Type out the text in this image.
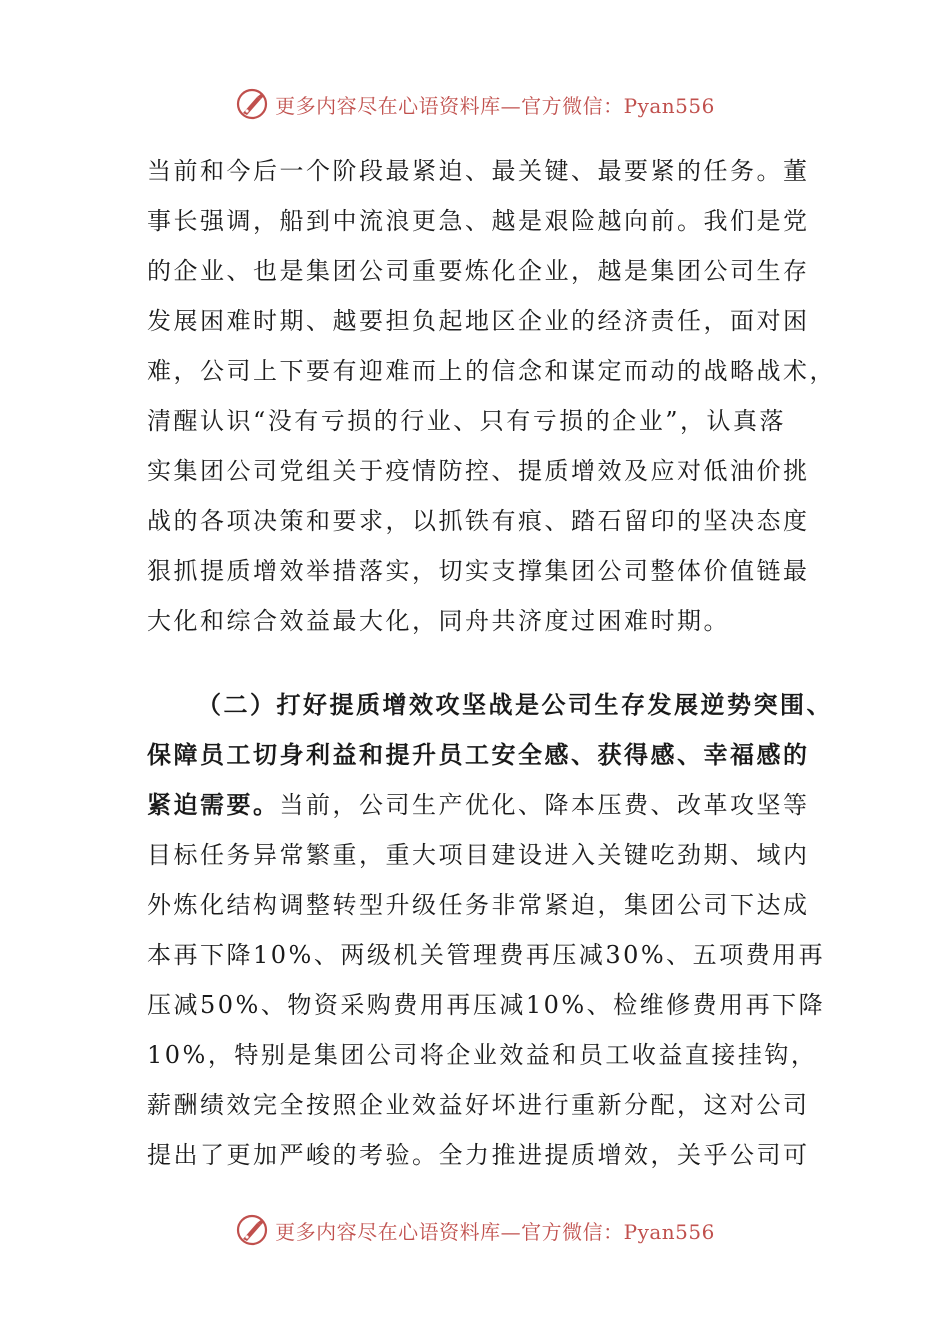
更多内容尽在心语资料库—官方微信：Pyan556
当前和今后一个阶段最紧迫、最关键、最要紧的任务。董
事长强调，船到中流浪更急、越是艰险越向前。我们是党
的企业、也是集团公司重要炼化企业，越是集团公司生存
发展困难时期、越要担负起地区企业的经济责任，面对困
难，公司上下要有迎难而上的信念和谋定而动的战略战术，
清醒认识“没有亏损的行业、只有亏损的企业”，认真落
实集团公司党组关于疫情防控、提质增效及应对低油价挑
战的各项决策和要求，以抓铁有痕、踏石留印的坚决态度
狠抓提质增效举措落实，切实支撑集团公司整体价值链最
大化和综合效益最大化，同舟共济度过困难时期。
（二）打好提质增效攻坚战是公司生存发展逆势突围、
保障员工切身利益和提升员工安全感、获得感、幸福感的
紧迫需要。当前，公司生产优化、降本压费、改革攻坚等
目标任务异常繁重，重大项目建设进入关键吃劲期、域内
外炼化结构调整转型升级任务非常紧迫，集团公司下达成
本再下降10%、两级机关管理费再压减30%、五项费用再
压减50%、物资采购费用再压减10%、检维修费用再下降
10%，特别是集团公司将企业效益和员工收益直接挂钩，
薪酬绩效完全按照企业效益好坏进行重新分配，这对公司
提出了更加严峻的考验。全力推进提质增效，关乎公司可
更多内容尽在心语资料库—官方微信：Pyan556
